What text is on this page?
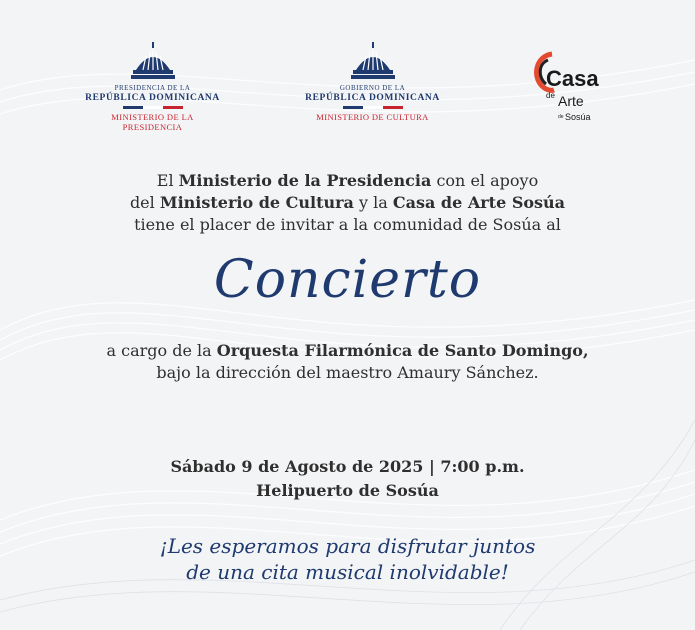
PRESIDENCIA DE LA
REPÚBLICA DOMINICANA
MINISTERIO DE LA PRESIDENCIA
GOBIERNO DE LA
REPÚBLICA DOMINICANA
MINISTERIO DE CULTURA
Casa
de Arte
de Sosúa
El Ministerio de la Presidencia con el apoyo
del Ministerio de Cultura y la Casa de Arte Sosúa
tiene el placer de invitar a la comunidad de Sosúa al
Concierto
a cargo de la Orquesta Filarmónica de Santo Domingo,
bajo la dirección del maestro Amaury Sánchez.
Sábado 9 de Agosto de 2025 | 7:00 p.m.
Helipuerto de Sosúa
¡Les esperamos para disfrutar juntos
de una cita musical inolvidable!
